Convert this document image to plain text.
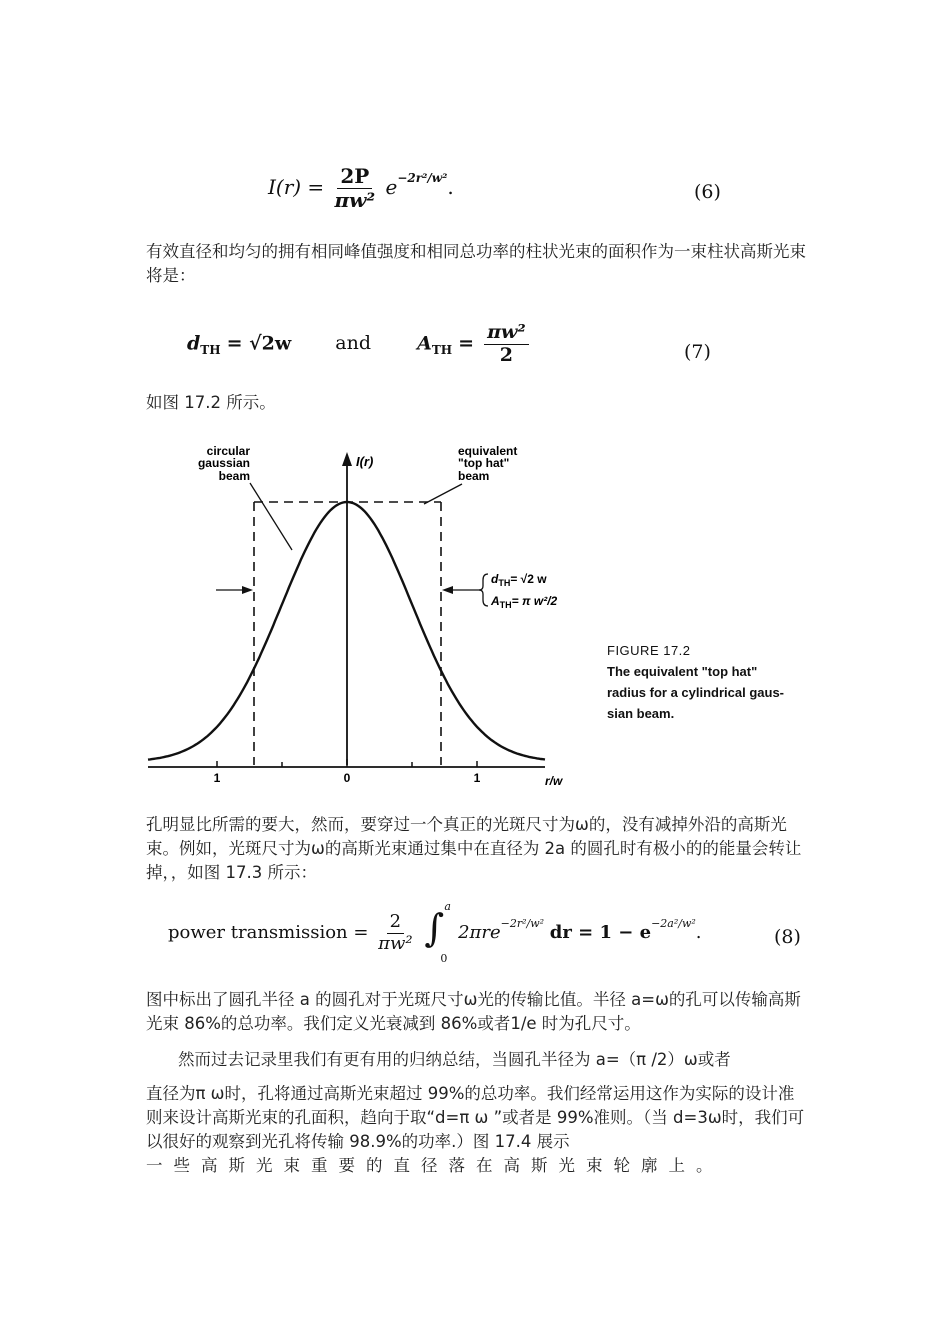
$I(r) = \frac{2P}{\text{πw²}} e^{-2r^2/w^2}$.	(6)

有效直径和均匀的拥有相同峰值强度和相同总功率的柱状光束的面积作为一束柱状高斯光束将是：

$d_{TH} = √2w$ and $A_{TH} = \frac{\text{πw²}}{2}$	(7)

如图 17.2 所示。

1	0	1	r/w
I(r)
circular
gaussian
beam
equivalent
"top hat"
beam
$d_{TH}= √2$ w
$A_{TH}= \pi$ w²/2
FIGURE 17.2
The equivalent "top hat"
radius for a cylindrical gaus-
sian beam.

孔明显比所需的要大，然而，要穿过一个真正的光斑尺寸为ω的，没有减掉外沿的高斯光束。例如，光斑尺寸为ω的高斯光束通过集中在直径为 2a 的圆孔时有极小的的能量会转让掉，，如图 17.3 所示：

power transmission = $\frac{2}{\text{πw²}}$
∫ a
0
2πre$^{-2r^2/w^2}$ dr = $1 - e^{-2a^2/w^2}$.	(8)

图中标出了圆孔半径 a 的圆孔对于光斑尺寸ω光的传输比值。半径 a=ω的孔可以传输高斯光束 86%的总功率。我们定义光衰减到 86%或者1/e 时为孔尺寸。

然而过去记录里我们有更有用的归纳总结，当圆孔半径为 a=（π /2）ω或者

直径为π ω时，孔将通过高斯光束超过 99%的总功率。我们经常运用这作为实际的设计准则来设计高斯光束的孔面积，趋向于取“d=π ω ”或者是 99%准则。（当 d=3ω时，我们可以很好的观察到光孔将传输 98.9%的功率.）图 17.4 展示

一些高斯光束重要的直径落在高斯光束轮廓上。
